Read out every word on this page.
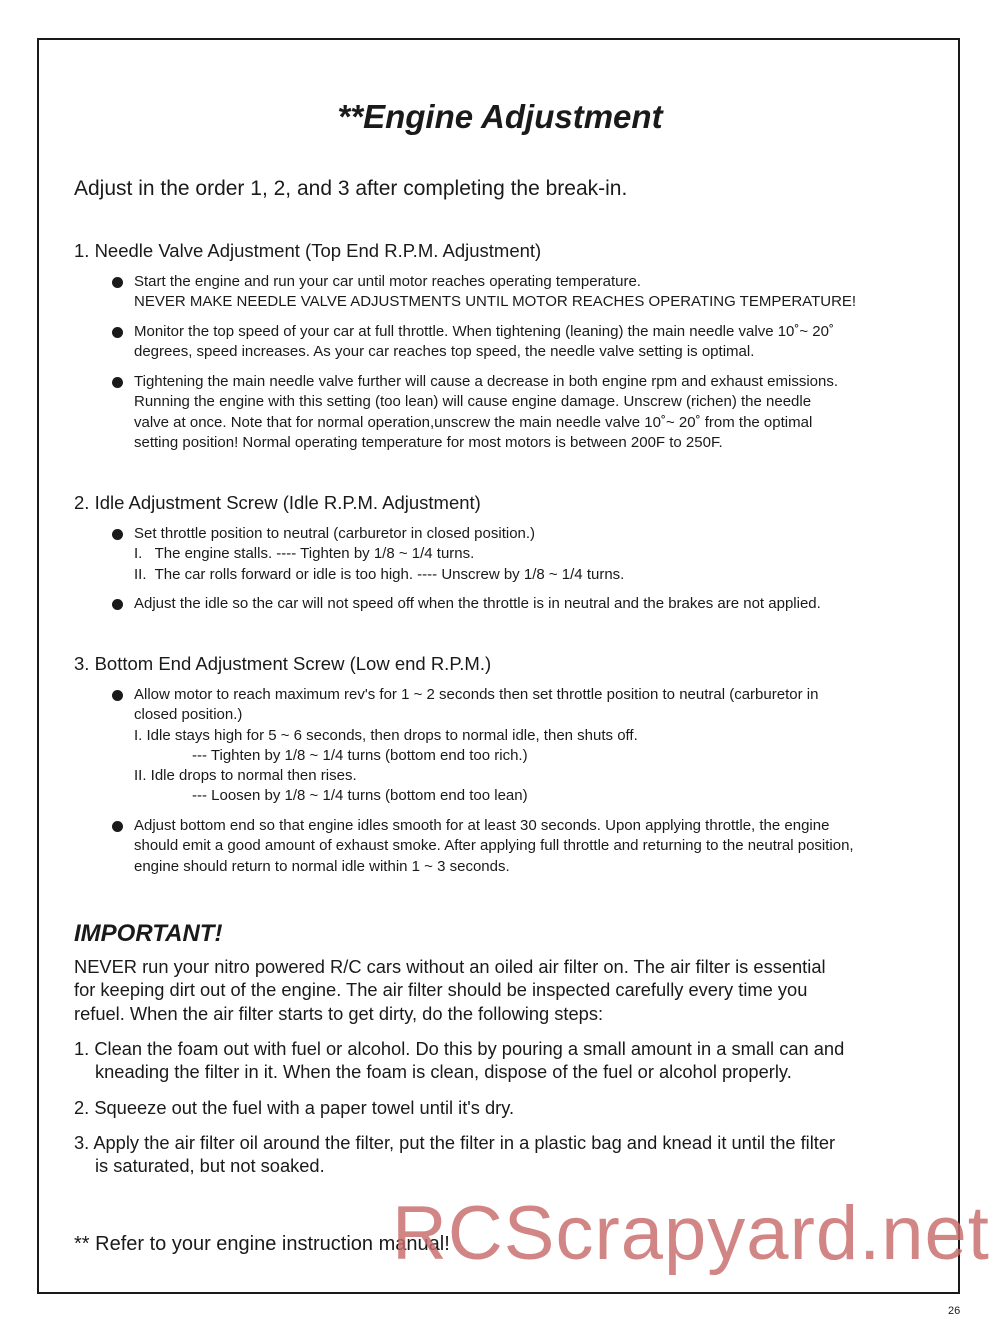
**Engine Adjustment

Adjust in the order 1, 2, and 3 after completing the break-in.

1. Needle Valve Adjustment (Top End R.P.M. Adjustment)

Start the engine and run your car until motor reaches operating temperature.
NEVER MAKE NEEDLE VALVE ADJUSTMENTS UNTIL MOTOR REACHES OPERATING TEMPERATURE!
Monitor the top speed of your car at full throttle. When tightening (leaning) the main needle valve 10˚~ 20˚
degrees, speed increases. As your car reaches top speed, the needle valve setting is optimal.
Tightening the main needle valve further will cause a decrease in both engine rpm and exhaust emissions.
Running the engine with this setting (too lean) will cause engine damage. Unscrew (richen) the needle
valve at once. Note that for normal operation,unscrew the main needle valve 10˚~ 20˚ from the optimal
setting position! Normal operating temperature for most motors is between 200F to 250F.

2. Idle Adjustment Screw (Idle R.P.M. Adjustment)

Set throttle position to neutral (carburetor in closed position.)
I.   The engine stalls. ---- Tighten by 1/8 ~ 1/4 turns.
II.  The car rolls forward or idle is too high. ---- Unscrew by 1/8 ~ 1/4 turns.
Adjust the idle so the car will not speed off when the throttle is in neutral and the brakes are not applied.

3. Bottom End Adjustment Screw (Low end R.P.M.)

Allow motor to reach maximum rev's for 1 ~ 2 seconds then set throttle position to neutral (carburetor in
closed position.)
I. Idle stays high for 5 ~ 6 seconds, then drops to normal idle, then shuts off.
--- Tighten by 1/8 ~ 1/4 turns (bottom end too rich.)
II. Idle drops to normal then rises.
--- Loosen by 1/8 ~ 1/4 turns (bottom end too lean)
Adjust bottom end so that engine idles smooth for at least 30 seconds. Upon applying throttle, the engine
should emit a good amount of exhaust smoke. After applying full throttle and returning to the neutral position,
engine should return to normal idle within 1 ~ 3 seconds.

IMPORTANT!

NEVER run your nitro powered R/C cars without an oiled air filter on. The air filter is essential
for keeping dirt out of the engine. The air filter should be inspected carefully every time you
refuel. When the air filter starts to get dirty, do the following steps:
1. Clean the foam out with fuel or alcohol. Do this by pouring a small amount in a small can and
kneading the filter in it. When the foam is clean, dispose of the fuel or alcohol properly.
2. Squeeze out the fuel with a paper towel until it's dry.
3. Apply the air filter oil around the filter, put the filter in a plastic bag and knead it until the filter
is saturated, but not soaked.
** Refer to your engine instruction manual!
RCScrapyard.net
26
